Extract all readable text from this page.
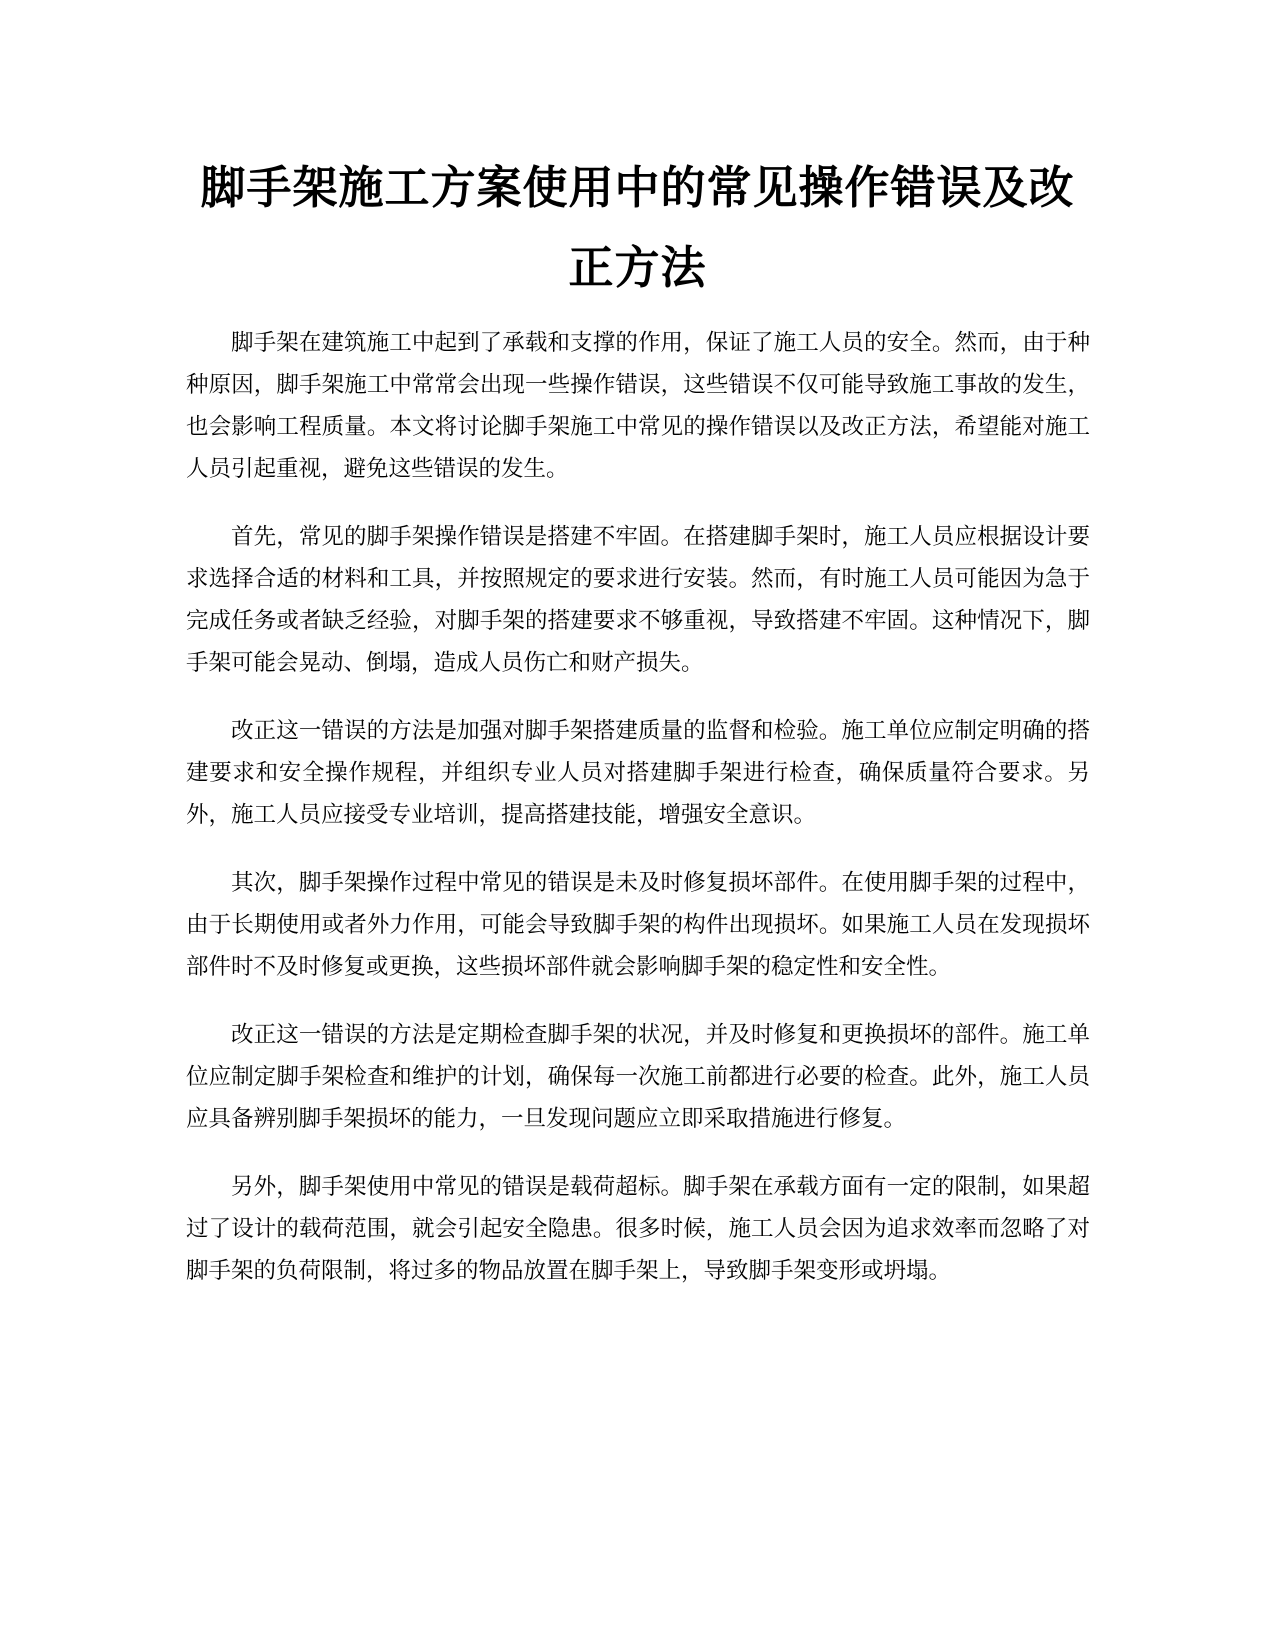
脚手架施工方案使用中的常见操作错误及改正方法

脚手架在建筑施工中起到了承载和支撑的作用，保证了施工人员的安全。然而，由于种种原因，脚手架施工中常常会出现一些操作错误，这些错误不仅可能导致施工事故的发生，也会影响工程质量。本文将讨论脚手架施工中常见的操作错误以及改正方法，希望能对施工人员引起重视，避免这些错误的发生。

首先，常见的脚手架操作错误是搭建不牢固。在搭建脚手架时，施工人员应根据设计要求选择合适的材料和工具，并按照规定的要求进行安装。然而，有时施工人员可能因为急于完成任务或者缺乏经验，对脚手架的搭建要求不够重视，导致搭建不牢固。这种情况下，脚手架可能会晃动、倒塌，造成人员伤亡和财产损失。

改正这一错误的方法是加强对脚手架搭建质量的监督和检验。施工单位应制定明确的搭建要求和安全操作规程，并组织专业人员对搭建脚手架进行检查，确保质量符合要求。另外，施工人员应接受专业培训，提高搭建技能，增强安全意识。

其次，脚手架操作过程中常见的错误是未及时修复损坏部件。在使用脚手架的过程中，由于长期使用或者外力作用，可能会导致脚手架的构件出现损坏。如果施工人员在发现损坏部件时不及时修复或更换，这些损坏部件就会影响脚手架的稳定性和安全性。

改正这一错误的方法是定期检查脚手架的状况，并及时修复和更换损坏的部件。施工单位应制定脚手架检查和维护的计划，确保每一次施工前都进行必要的检查。此外，施工人员应具备辨别脚手架损坏的能力，一旦发现问题应立即采取措施进行修复。

另外，脚手架使用中常见的错误是载荷超标。脚手架在承载方面有一定的限制，如果超过了设计的载荷范围，就会引起安全隐患。很多时候，施工人员会因为追求效率而忽略了对脚手架的负荷限制，将过多的物品放置在脚手架上，导致脚手架变形或坍塌。
